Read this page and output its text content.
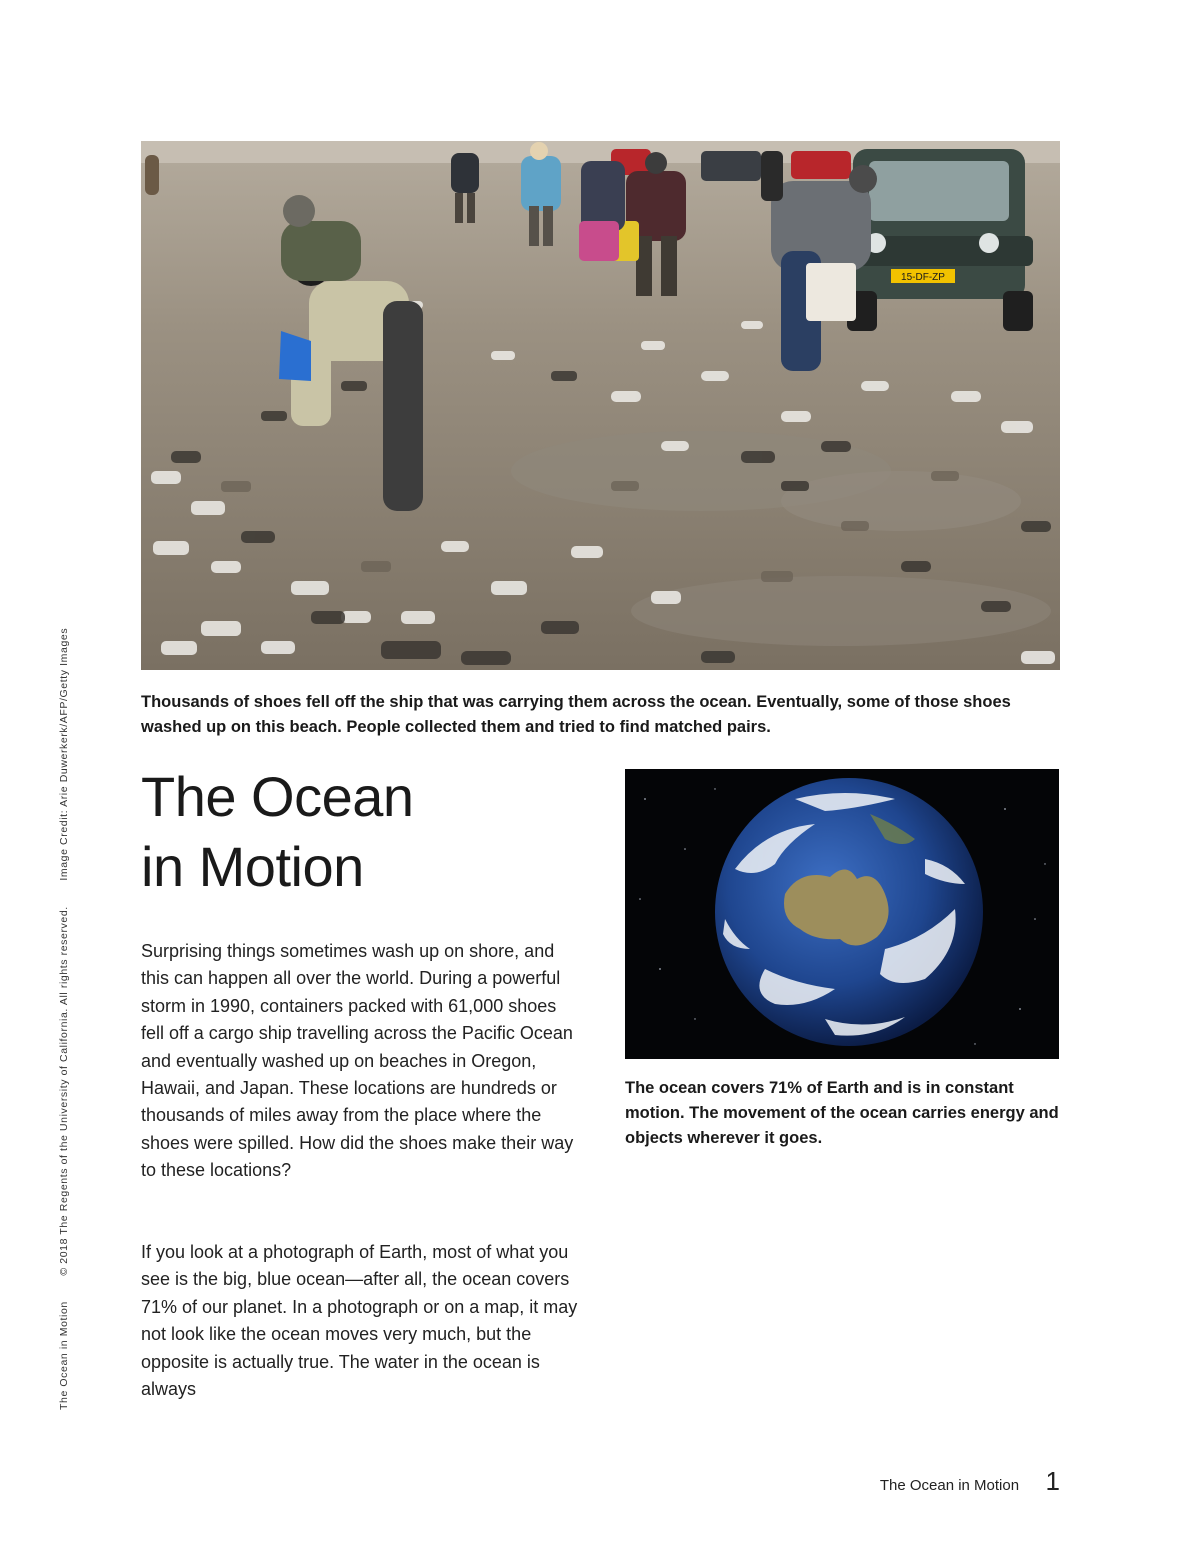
The Ocean in Motion © 2018 The Regents of the University of California. All rights reserved. Image Credit: Arie Duwerkerk/AFP/Getty Images
15-DF-ZP

Thousands of shoes fell off the ship that was carrying them across the ocean. Eventually, some of those shoes washed up on this beach. People collected them and tried to find matched pairs.

The Ocean
in Motion

Surprising things sometimes wash up on shore, and this can happen all over the world. During a powerful storm in 1990, containers packed with 61,000 shoes fell off a cargo ship travelling across the Pacific Ocean and eventually washed up on beaches in Oregon, Hawaii, and Japan. These locations are hundreds or thousands of miles away from the place where the shoes were spilled. How did the shoes make their way to these locations?

If you look at a photograph of Earth, most of what you see is the big, blue ocean—after all, the ocean covers 71% of our planet. In a photograph or on a map, it may not look like the ocean moves very much, but the opposite is actually true. The water in the ocean is always

The ocean covers 71% of Earth and is in constant motion. The movement of the ocean carries energy and objects wherever it goes.

The Ocean in Motion 1
